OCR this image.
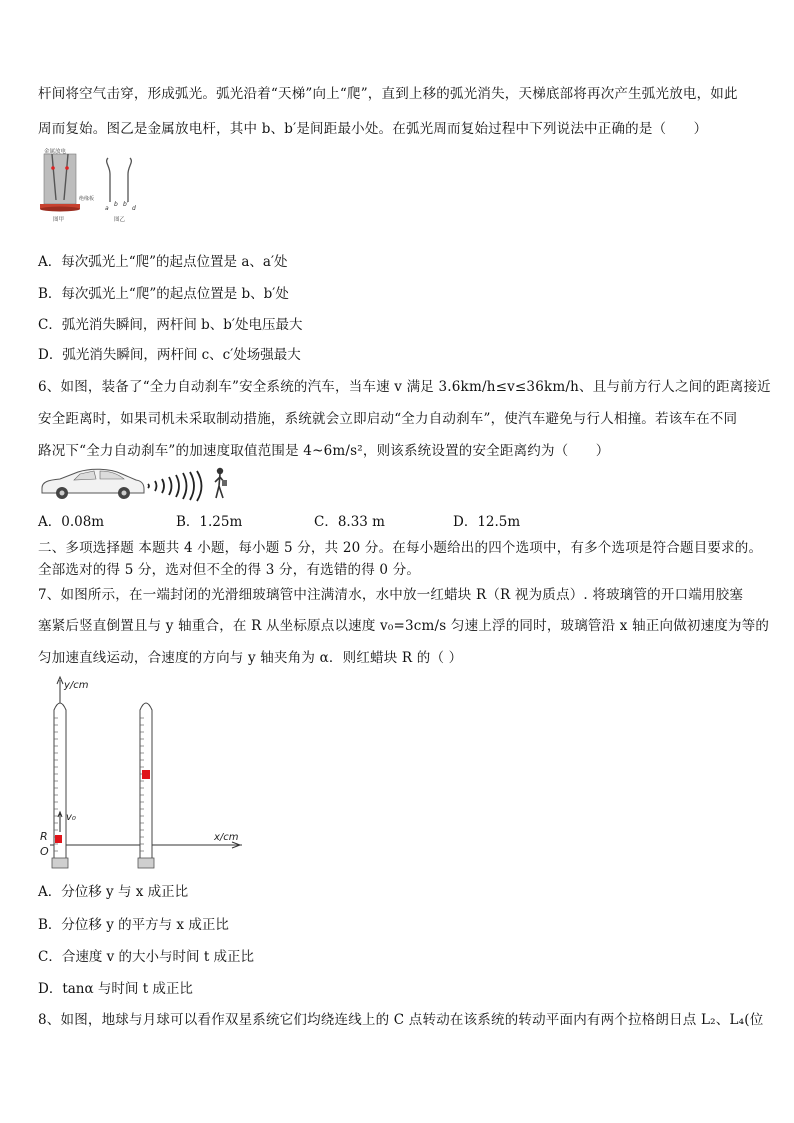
杆间将空气击穿，形成弧光。弧光沿着“天梯”向上“爬”，直到上移的弧光消失，天梯底部将再次产生弧光放电，如此
周而复始。图乙是金属放电杆，其中 b、b′是间距最小处。在弧光周而复始过程中下列说法中正确的是（　　）
金属放电
绝缘板
图甲
a
b b′
d
图乙
A．每次弧光上“爬”的起点位置是 a、a′处
B．每次弧光上“爬”的起点位置是 b、b′处
C．弧光消失瞬间，两杆间 b、b′处电压最大
D．弧光消失瞬间，两杆间 c、c′处场强最大
6、如图，装备了“全力自动刹车”安全系统的汽车，当车速 v 满足 3.6km/h≤v≤36km/h、且与前方行人之间的距离接近
安全距离时，如果司机未采取制动措施，系统就会立即启动“全力自动刹车”，使汽车避免与行人相撞。若该车在不同
路况下“全力自动刹车”的加速度取值范围是 4~6m/s²，则该系统设置的安全距离约为（　　）
A．0.08m	B．1.25m	C．8.33 m	D．12.5m
二、多项选择题 本题共 4 小题，每小题 5 分，共 20 分。在每小题给出的四个选项中，有多个选项是符合题目要求的。
全部选对的得 5 分，选对但不全的得 3 分，有选错的得 0 分。
7、如图所示，在一端封闭的光滑细玻璃管中注满清水，水中放一红蜡块 R（R 视为质点）. 将玻璃管的开口端用胶塞
塞紧后竖直倒置且与 y 轴重合，在 R 从坐标原点以速度 v₀=3cm/s 匀速上浮的同时，玻璃管沿 x 轴正向做初速度为等的
匀加速直线运动，合速度的方向与 y 轴夹角为 α．则红蜡块 R 的（ ）
y/cm
x/cm
O
R
v₀
A．分位移 y 与 x 成正比
B．分位移 y 的平方与 x 成正比
C．合速度 v 的大小与时间 t 成正比
D．tanα 与时间 t 成正比
8、如图，地球与月球可以看作双星系统它们均绕连线上的 C 点转动在该系统的转动平面内有两个拉格朗日点 L₂、L₄(位
